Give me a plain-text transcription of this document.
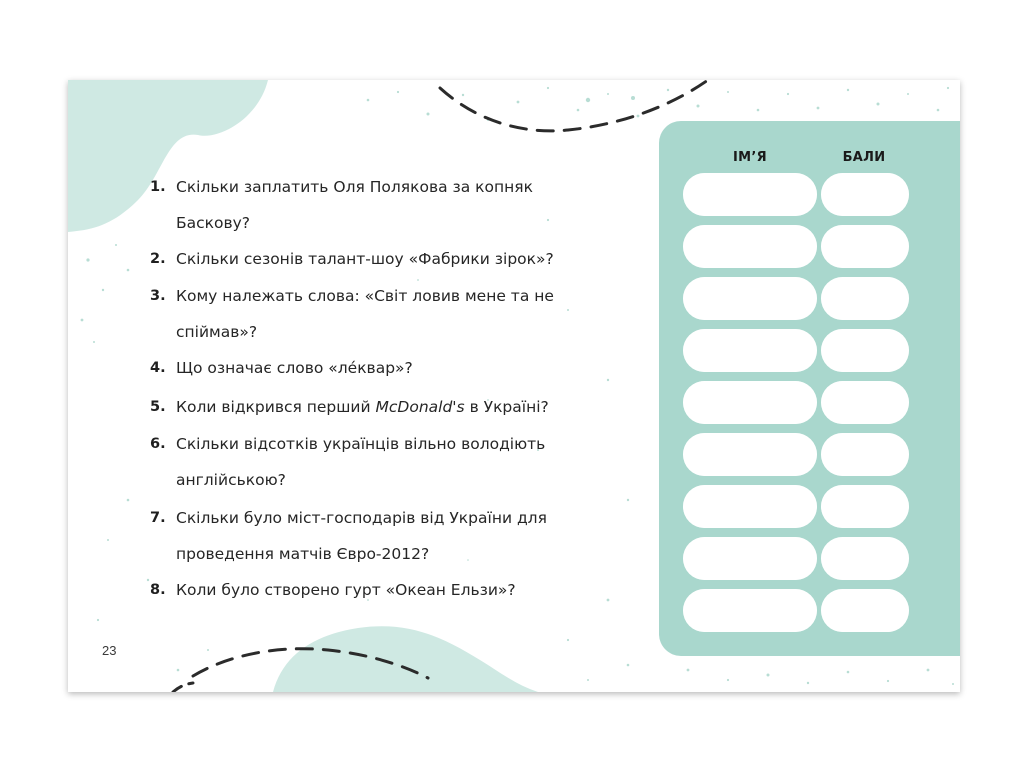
1. Скільки заплатить Оля Полякова за копняк
Баскову?
2. Скільки сезонів талант-шоу «Фабрики зірок»?
3. Кому належать слова: «Світ ловив мене та не
спіймав»?
4. Що означає слово «лéквар»?
5. Коли відкрився перший McDonald's в Україні?
6. Скільки відсотків українців вільно володіють
англійською?
7. Скільки було міст-господарів від України для
проведення матчів Євро-2012?
8. Коли було створено гурт «Океан Ельзи»?
23
ІМ’Я	БАЛИ
